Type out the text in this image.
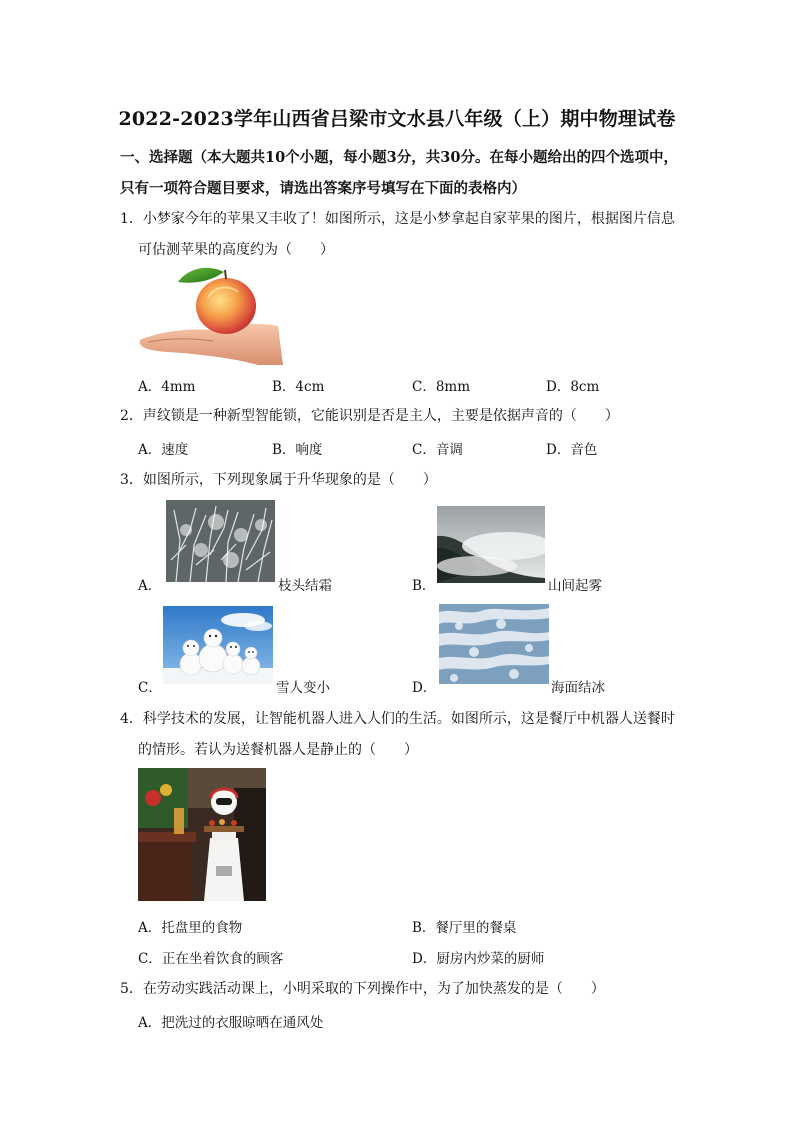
2022-2023学年山西省吕梁市文水县八年级（上）期中物理试卷
一、选择题（本大题共10个小题，每小题3分，共30分。在每小题给出的四个选项中，
只有一项符合题目要求，请选出答案序号填写在下面的表格内）
1．小梦家今年的苹果又丰收了！如图所示，这是小梦拿起自家苹果的图片，根据图片信息
可估测苹果的高度约为（　　）
A．4mm	B．4cm	C．8mm	D．8cm
2．声纹锁是一种新型智能锁，它能识别是否是主人，主要是依据声音的（　　）
A．速度	B．响度	C．音调	D．音色
3．如图所示，下列现象属于升华现象的是（　　）
A．	枝头结霜	B．	山间起雾
C．	雪人变小	D．	海面结冰
4．科学技术的发展，让智能机器人进入人们的生活。如图所示，这是餐厅中机器人送餐时
的情形。若认为送餐机器人是静止的（　　）
A．托盘里的食物	B．餐厅里的餐桌
C．正在坐着饮食的顾客	D．厨房内炒菜的厨师
5．在劳动实践活动课上，小明采取的下列操作中，为了加快蒸发的是（　　）
A．把洗过的衣服晾晒在通风处
